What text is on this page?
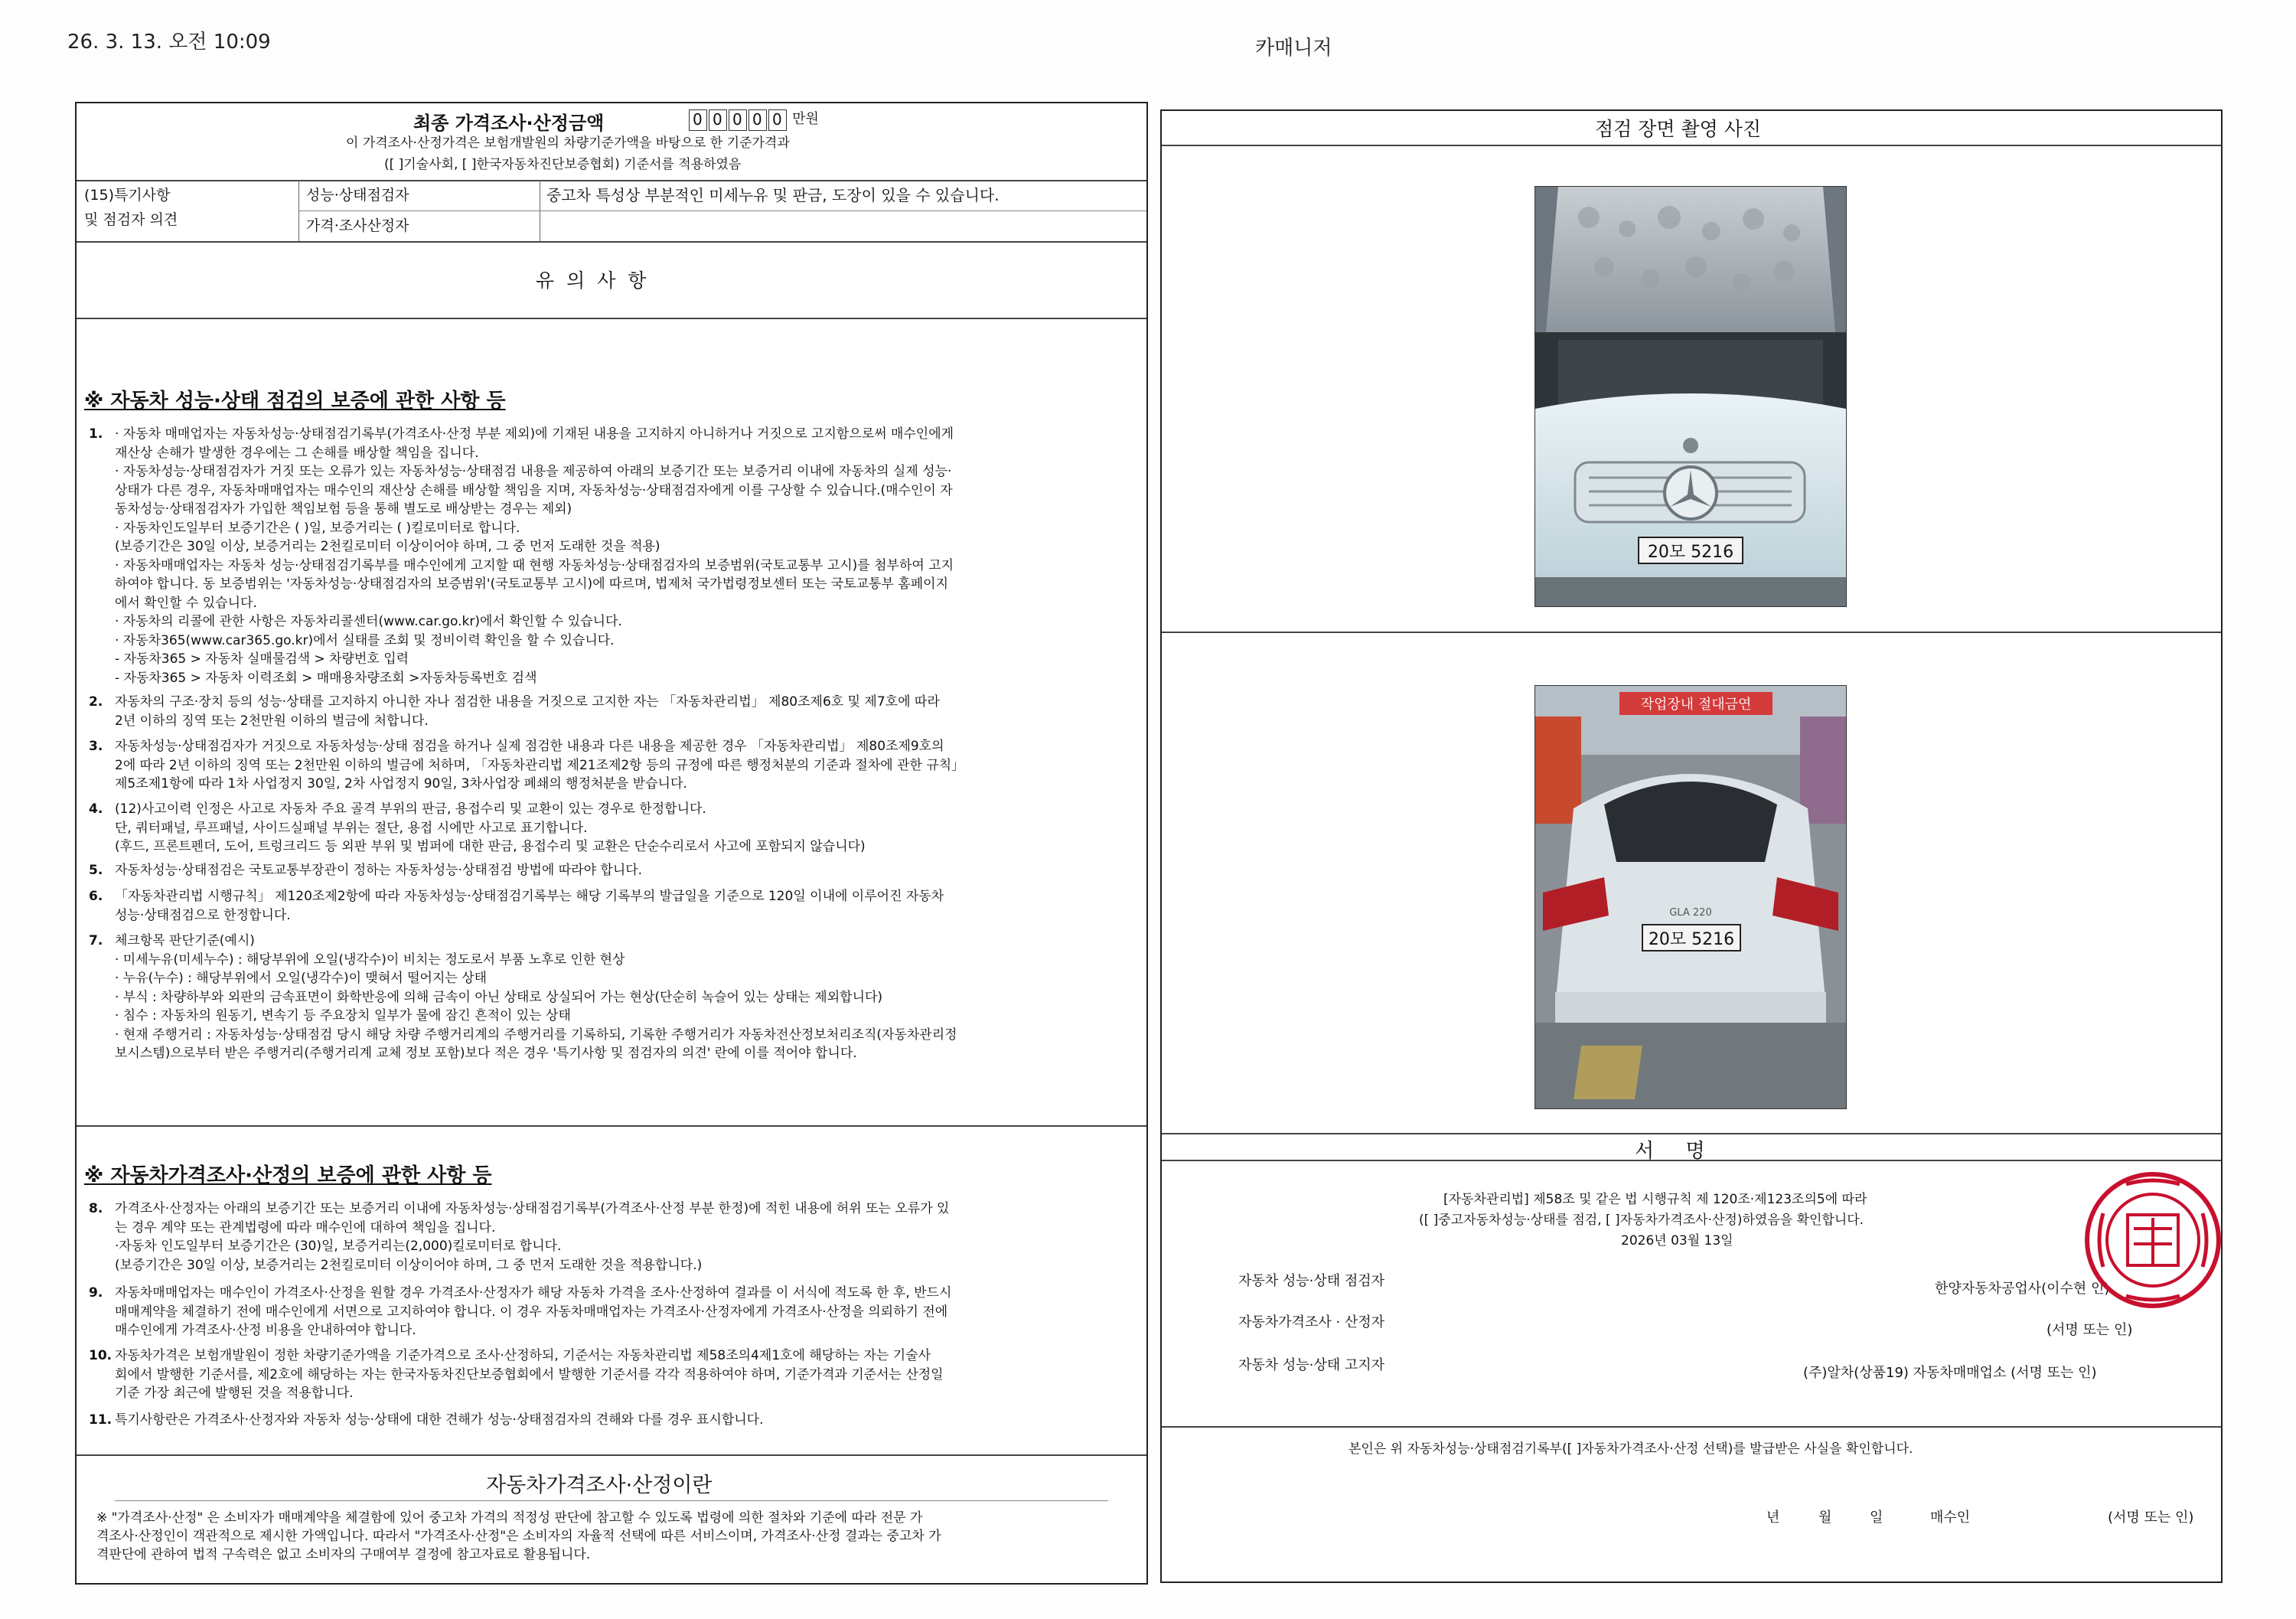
26. 3. 13. 오전 10:09	카매니저
최종 가격조사·산정금액	0 0 0 0 0 만원
이 가격조사·산정가격은 보험개발원의 차량기준가액을 바탕으로 한 기준가격과
([ ]기술사회, [ ]한국자동차진단보증협회) 기준서를 적용하였음
(15)특기사항
및 점검자 의견
성능·상태점검자	중고차 특성상 부분적인 미세누유 및 판금, 도장이 있을 수 있습니다.
가격·조사산정자
유 의 사 항
※ 자동차 성능·상태 점검의 보증에 관한 사항 등
1. · 자동차 매매업자는 자동차성능·상태점검기록부(가격조사·산정 부분 제외)에 기재된 내용을 고지하지 아니하거나 거짓으로 고지함으로써 매수인에게
재산상 손해가 발생한 경우에는 그 손해를 배상할 책임을 집니다.
· 자동차성능·상태점검자가 거짓 또는 오류가 있는 자동차성능·상태점검 내용을 제공하여 아래의 보증기간 또는 보증거리 이내에 자동차의 실제 성능·
상태가 다른 경우, 자동차매매업자는 매수인의 재산상 손해를 배상할 책임을 지며, 자동차성능·상태점검자에게 이를 구상할 수 있습니다.(매수인이 자
동차성능·상태점검자가 가입한 책임보험 등을 통해 별도로 배상받는 경우는 제외)
· 자동차인도일부터 보증기간은 ( )일, 보증거리는 ( )킬로미터로 합니다.
(보증기간은 30일 이상, 보증거리는 2천킬로미터 이상이어야 하며, 그 중 먼저 도래한 것을 적용)
· 자동차매매업자는 자동차 성능·상태점검기록부를 매수인에게 고지할 때 현행 자동차성능·상태점검자의 보증범위(국토교통부 고시)를 첨부하여 고지
하여야 합니다. 동 보증범위는 '자동차성능·상태점검자의 보증범위'(국토교통부 고시)에 따르며, 법제처 국가법령정보센터 또는 국토교통부 홈페이지
에서 확인할 수 있습니다.
· 자동차의 리콜에 관한 사항은 자동차리콜센터(www.car.go.kr)에서 확인할 수 있습니다.
· 자동차365(www.car365.go.kr)에서 실태를 조회 및 정비이력 확인을 할 수 있습니다.
- 자동차365 > 자동차 실매물검색 > 차량번호 입력
- 자동차365 > 자동차 이력조회 > 매매용차량조회 >자동차등록번호 검색
2. 자동차의 구조·장치 등의 성능·상태를 고지하지 아니한 자나 점검한 내용을 거짓으로 고지한 자는 「자동차관리법」 제80조제6호 및 제7호에 따라
2년 이하의 징역 또는 2천만원 이하의 벌금에 처합니다.
3. 자동차성능·상태점검자가 거짓으로 자동차성능·상태 점검을 하거나 실제 점검한 내용과 다른 내용을 제공한 경우 「자동차관리법」 제80조제9호의
2에 따라 2년 이하의 징역 또는 2천만원 이하의 벌금에 처하며, 「자동차관리법 제21조제2항 등의 규정에 따른 행정처분의 기준과 절차에 관한 규칙」
제5조제1항에 따라 1차 사업정지 30일, 2차 사업정지 90일, 3차사업장 폐쇄의 행정처분을 받습니다.
4. (12)사고이력 인정은 사고로 자동차 주요 골격 부위의 판금, 용접수리 및 교환이 있는 경우로 한정합니다.
단, 쿼터패널, 루프패널, 사이드실패널 부위는 절단, 용접 시에만 사고로 표기합니다.
(후드, 프론트펜더, 도어, 트렁크리드 등 외판 부위 및 범퍼에 대한 판금, 용접수리 및 교환은 단순수리로서 사고에 포함되지 않습니다)
5. 자동차성능·상태점검은 국토교통부장관이 정하는 자동차성능·상태점검 방법에 따라야 합니다.
6. 「자동차관리법 시행규칙」 제120조제2항에 따라 자동차성능·상태점검기록부는 해당 기록부의 발급일을 기준으로 120일 이내에 이루어진 자동차
성능·상태점검으로 한정합니다.
7. 체크항목 판단기준(예시)
· 미세누유(미세누수) : 해당부위에 오일(냉각수)이 비치는 정도로서 부품 노후로 인한 현상
· 누유(누수) : 해당부위에서 오일(냉각수)이 맺혀서 떨어지는 상태
· 부식 : 차량하부와 외판의 금속표면이 화학반응에 의해 금속이 아닌 상태로 상실되어 가는 현상(단순히 녹슬어 있는 상태는 제외합니다)
· 침수 : 자동차의 원동기, 변속기 등 주요장치 일부가 물에 잠긴 흔적이 있는 상태
· 현재 주행거리 : 자동차성능·상태점검 당시 해당 차량 주행거리계의 주행거리를 기록하되, 기록한 주행거리가 자동차전산정보처리조직(자동차관리정
보시스템)으로부터 받은 주행거리(주행거리계 교체 정보 포함)보다 적은 경우 '특기사항 및 점검자의 의견' 란에 이를 적어야 합니다.
※ 자동차가격조사·산정의 보증에 관한 사항 등
8. 가격조사·산정자는 아래의 보증기간 또는 보증거리 이내에 자동차성능·상태점검기록부(가격조사·산정 부분 한정)에 적힌 내용에 허위 또는 오류가 있
는 경우 계약 또는 관계법령에 따라 매수인에 대하여 책임을 집니다.
·자동차 인도일부터 보증기간은 (30)일, 보증거리는(2,000)킬로미터로 합니다.
(보증기간은 30일 이상, 보증거리는 2천킬로미터 이상이어야 하며, 그 중 먼저 도래한 것을 적용합니다.)
9. 자동차매매업자는 매수인이 가격조사·산정을 원할 경우 가격조사·산정자가 해당 자동차 가격을 조사·산정하여 결과를 이 서식에 적도록 한 후, 반드시
매매계약을 체결하기 전에 매수인에게 서면으로 고지하여야 합니다. 이 경우 자동차매매업자는 가격조사·산정자에게 가격조사·산정을 의뢰하기 전에
매수인에게 가격조사·산정 비용을 안내하여야 합니다.
10. 자동차가격은 보험개발원이 정한 차량기준가액을 기준가격으로 조사·산정하되, 기준서는 자동차관리법 제58조의4제1호에 해당하는 자는 기술사
회에서 발행한 기준서를, 제2호에 해당하는 자는 한국자동차진단보증협회에서 발행한 기준서를 각각 적용하여야 하며, 기준가격과 기준서는 산정일
기준 가장 최근에 발행된 것을 적용합니다.
11. 특기사항란은 가격조사·산정자와 자동차 성능·상태에 대한 견해가 성능·상태점검자의 견해와 다를 경우 표시합니다.
자동차가격조사·산정이란
※ "가격조사·산정" 은 소비자가 매매계약을 체결함에 있어 중고차 가격의 적정성 판단에 참고할 수 있도록 법령에 의한 절차와 기준에 따라 전문 가
격조사·산정인이 객관적으로 제시한 가액입니다. 따라서 "가격조사·산정"은 소비자의 자율적 선택에 따른 서비스이며, 가격조사·산정 결과는 중고차 가
격판단에 관하여 법적 구속력은 없고 소비자의 구매여부 결정에 참고자료로 활용됩니다.
점검 장면 촬영 사진
20모 5216
작업장내 절대금연
GLA 220
20모 5216
서     명
[자동차관리법] 제58조 및 같은 법 시행규칙 제 120조·제123조의5에 따라
([ ]중고자동차성능·상태를 점검, [ ]자동차가격조사·산정)하였음을 확인합니다.
2026년 03월 13일
자동차 성능·상태 점검자	한양자동차공업사(이수현 인)
자동차가격조사 · 산정자	(서명 또는 인)
자동차 성능·상태 고지자	(주)알차(상품19) 자동차매매업소 (서명 또는 인)
본인은 위 자동차성능·상태점검기록부([ ]자동차가격조사·산정 선택)를 발급받은 사실을 확인합니다.
년	월	일	매수인	(서명 또는 인)
